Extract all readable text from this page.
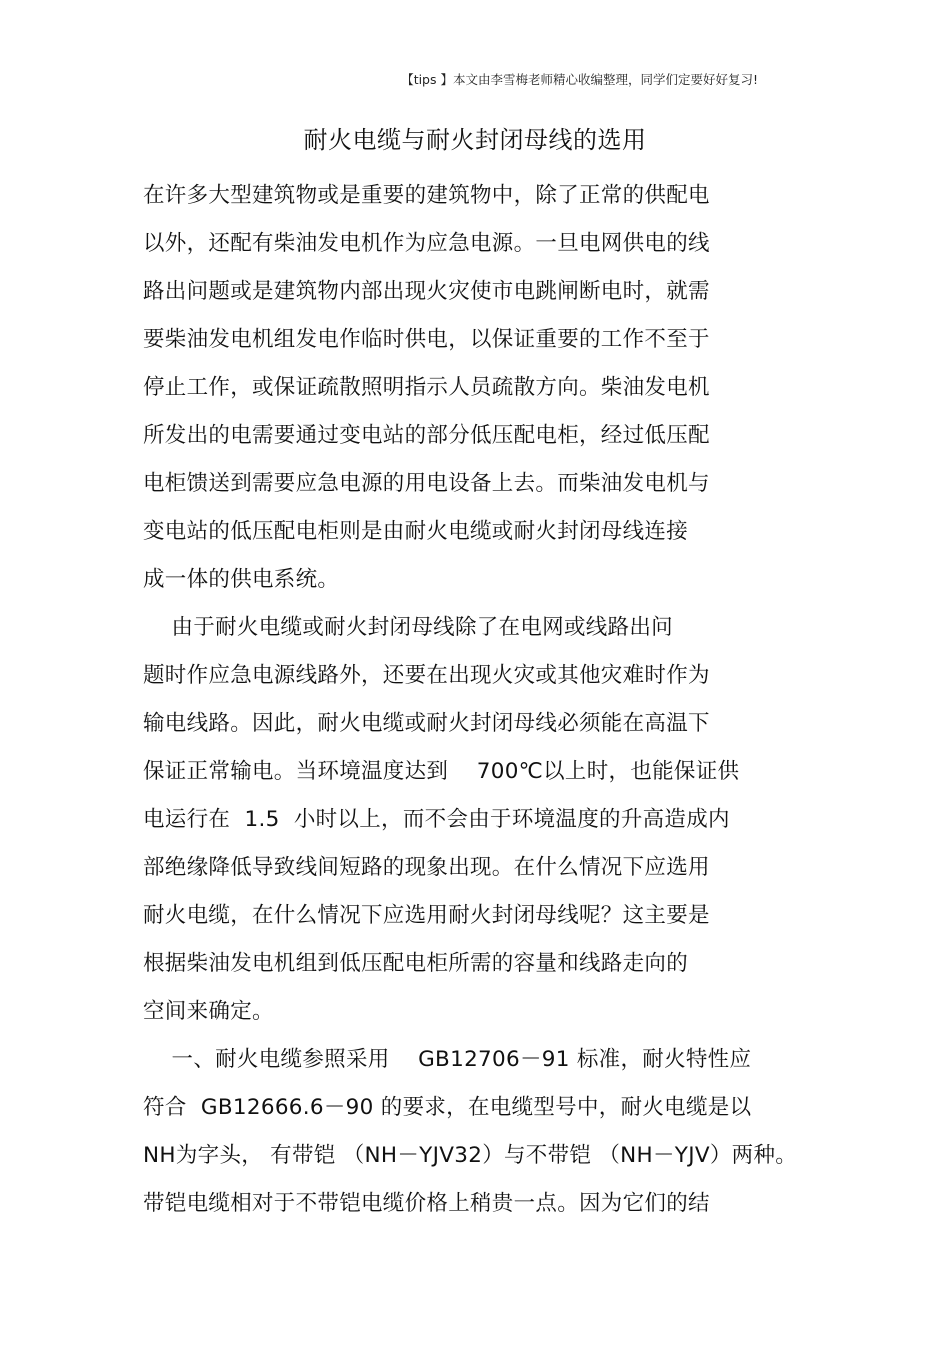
【tips 】本文由李雪梅老师精心收编整理，同学们定要好好复习!
耐火电缆与耐火封闭母线的选用
在许多大型建筑物或是重要的建筑物中，除了正常的供配电
以外，还配有柴油发电机作为应急电源。一旦电网供电的线
路出问题或是建筑物内部出现火灾使市电跳闸断电时，就需
要柴油发电机组发电作临时供电，以保证重要的工作不至于
停止工作，或保证疏散照明指示人员疏散方向。柴油发电机
所发出的电需要通过变电站的部分低压配电柜，经过低压配
电柜馈送到需要应急电源的用电设备上去。而柴油发电机与
变电站的低压配电柜则是由耐火电缆或耐火封闭母线连接
成一体的供电系统。
由于耐火电缆或耐火封闭母线除了在电网或线路出问
题时作应急电源线路外，还要在出现火灾或其他灾难时作为
输电线路。因此，耐火电缆或耐火封闭母线必须能在高温下
保证正常输电。当环境温度达到    700℃以上时，也能保证供
电运行在  1.5  小时以上，而不会由于环境温度的升高造成内
部绝缘降低导致线间短路的现象出现。在什么情况下应选用
耐火电缆，在什么情况下应选用耐火封闭母线呢？这主要是
根据柴油发电机组到低压配电柜所需的容量和线路走向的
空间来确定。
一、耐火电缆参照采用    GB12706－91 标准，耐火特性应
符合  GB12666.6－90 的要求，在电缆型号中，耐火电缆是以
NH为字头， 有带铠 （NH－YJV32）与不带铠 （NH－YJV）两种。
带铠电缆相对于不带铠电缆价格上稍贵一点。因为它们的结
